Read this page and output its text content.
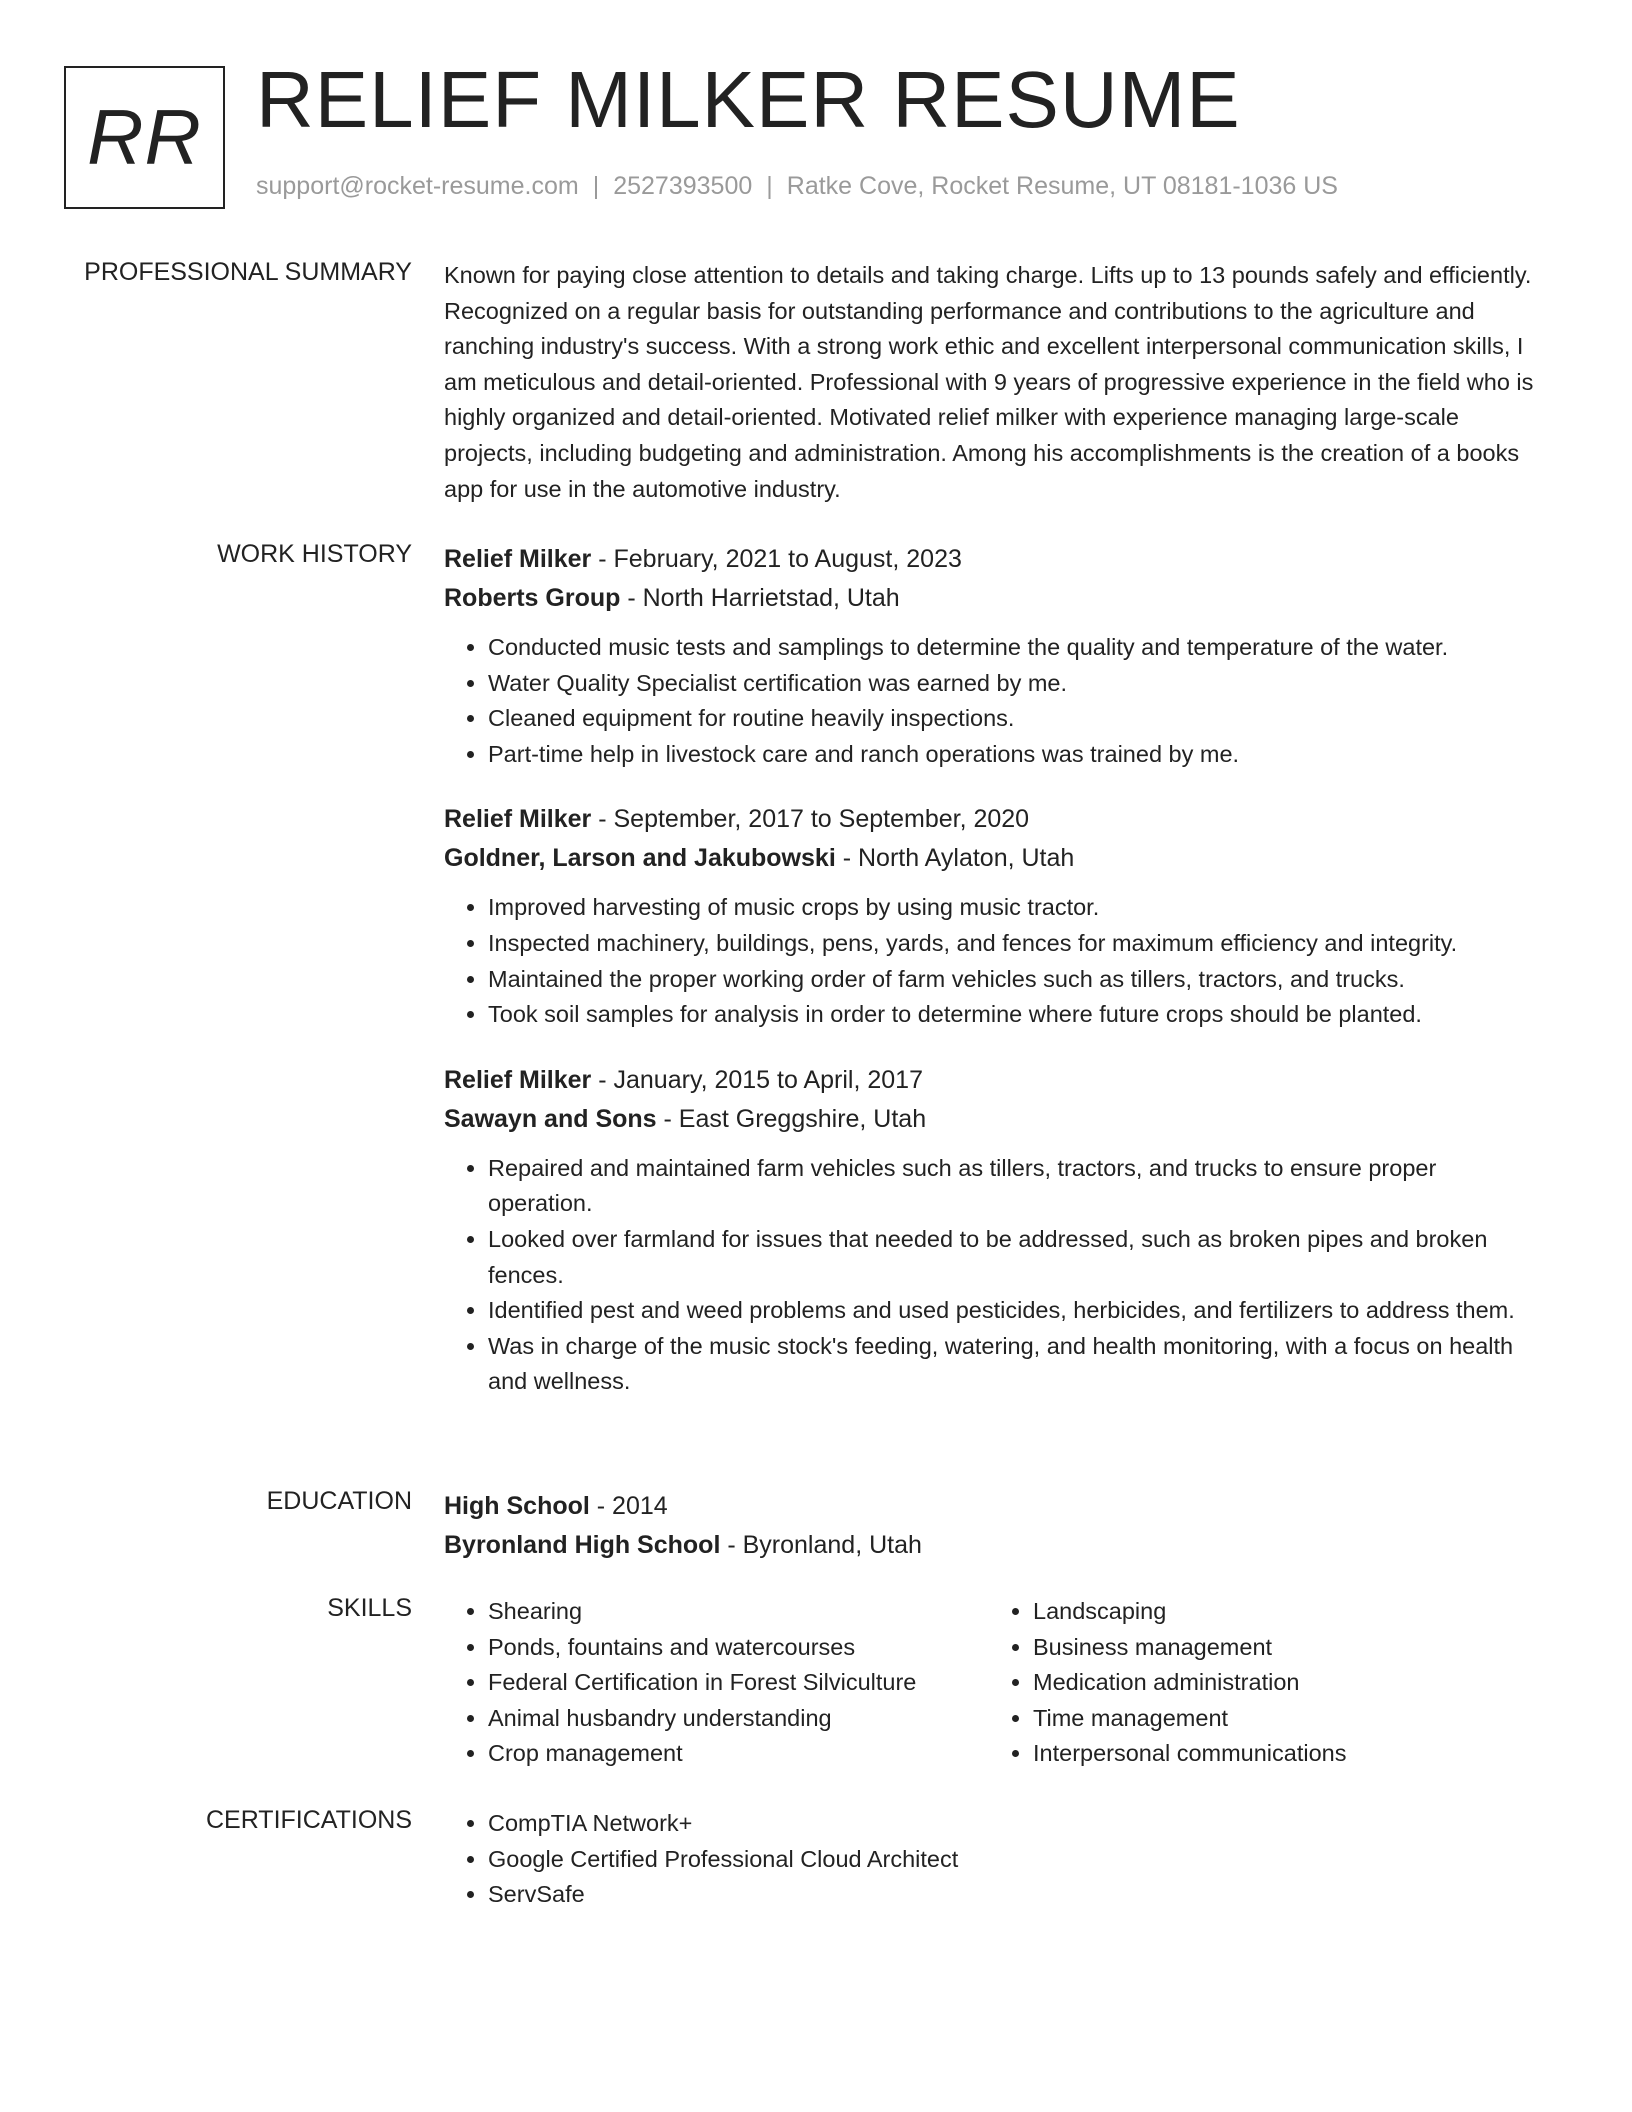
RR RELIEF MILKER RESUME
support@rocket-resume.com | 2527393500 | Ratke Cove, Rocket Resume, UT 08181-1036 US
PROFESSIONAL SUMMARY Known for paying close attention to details and taking charge. Lifts up to 13 pounds safely and efficiently. Recognized on a regular basis for outstanding performance and contributions to the agriculture and ranching industry's success. With a strong work ethic and excellent interpersonal communication skills, I am meticulous and detail-oriented. Professional with 9 years of progressive experience in the field who is highly organized and detail-oriented. Motivated relief milker with experience managing large-scale projects, including budgeting and administration. Among his accomplishments is the creation of a books app for use in the automotive industry.

WORK HISTORY Relief Milker - February, 2021 to August, 2023
Roberts Group - North Harrietstad, Utah
• Conducted music tests and samplings to determine the quality and temperature of the water.
• Water Quality Specialist certification was earned by me.
• Cleaned equipment for routine heavily inspections.
• Part-time help in livestock care and ranch operations was trained by me.
Relief Milker - September, 2017 to September, 2020
Goldner, Larson and Jakubowski - North Aylaton, Utah
• Improved harvesting of music crops by using music tractor.
• Inspected machinery, buildings, pens, yards, and fences for maximum efficiency and integrity.
• Maintained the proper working order of farm vehicles such as tillers, tractors, and trucks.
• Took soil samples for analysis in order to determine where future crops should be planted.
Relief Milker - January, 2015 to April, 2017
Sawayn and Sons - East Greggshire, Utah
• Repaired and maintained farm vehicles such as tillers, tractors, and trucks to ensure proper operation.
• Looked over farmland for issues that needed to be addressed, such as broken pipes and broken fences.
• Identified pest and weed problems and used pesticides, herbicides, and fertilizers to address them.
• Was in charge of the music stock's feeding, watering, and health monitoring, with a focus on health and wellness.
EDUCATION High School - 2014
Byronland High School - Byronland, Utah
SKILLS	• Shearing
• Ponds, fountains and watercourses
• Federal Certification in Forest Silviculture
• Animal husbandry understanding
• Crop management
• Landscaping
• Business management
• Medication administration
• Time management
• Interpersonal communications
CERTIFICATIONS	• CompTIA Network+
• Google Certified Professional Cloud Architect
• ServSafe
